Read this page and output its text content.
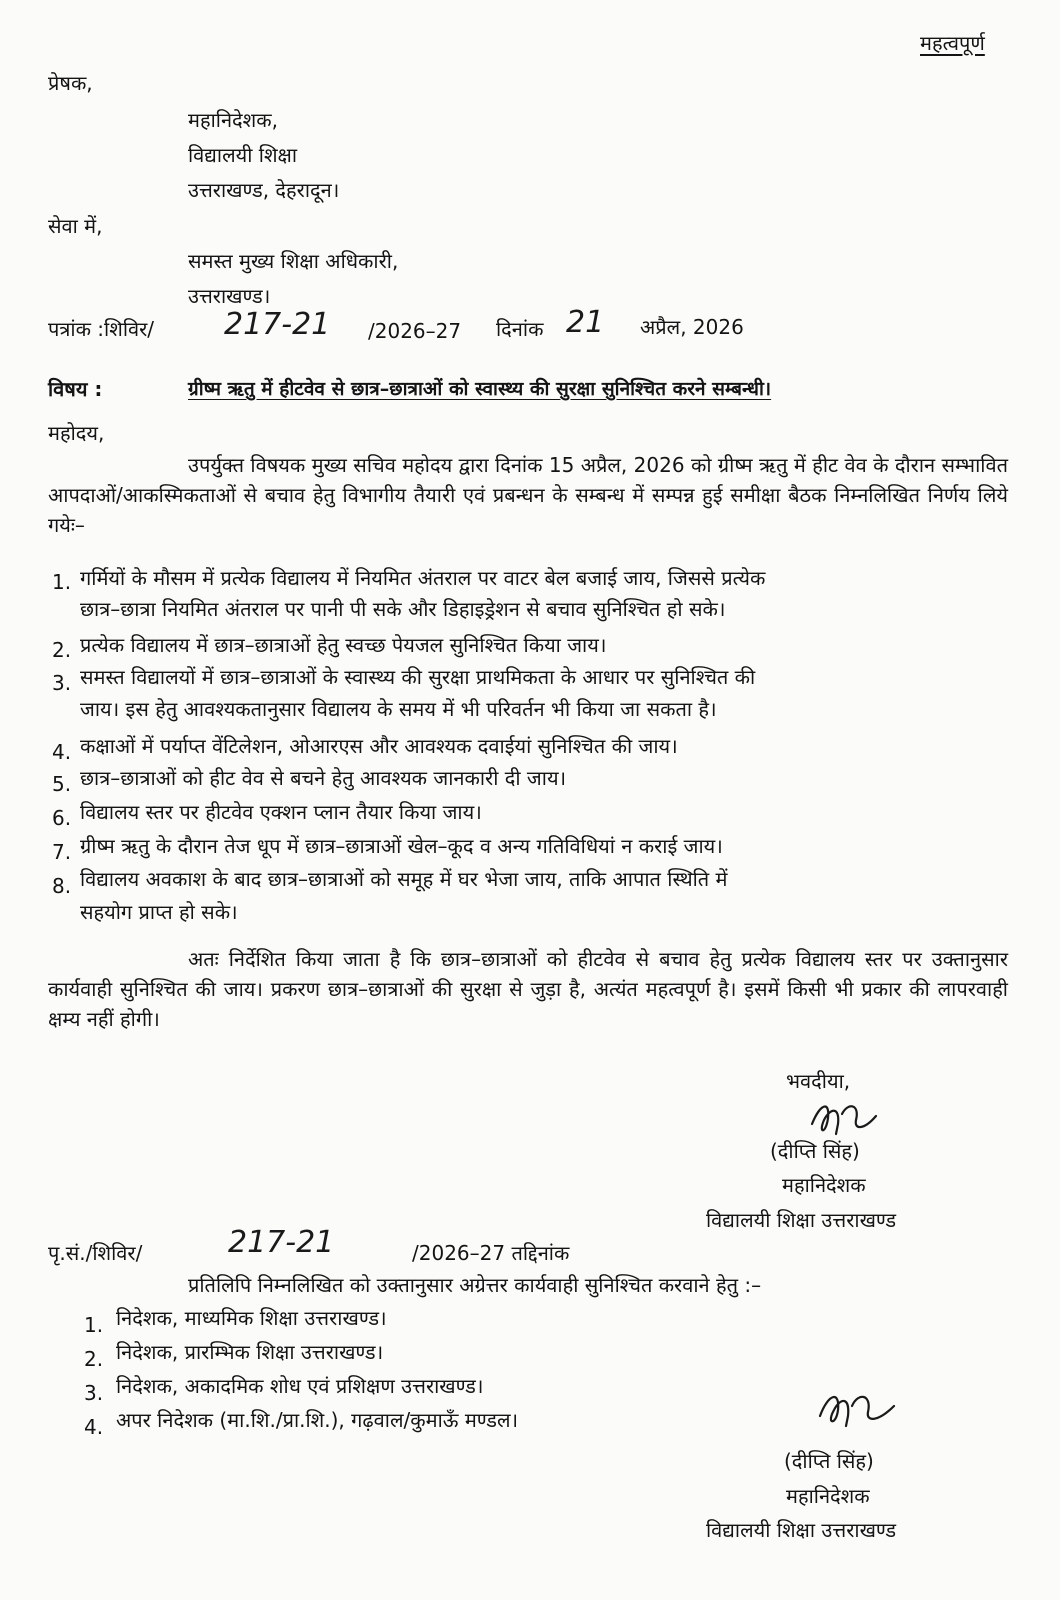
महत्वपूर्ण
प्रेषक,
महानिदेशक,
विद्यालयी शिक्षा
उत्तराखण्ड, देहरादून।
सेवा में,
समस्त मुख्य शिक्षा अधिकारी,
उत्तराखण्ड।
पत्रांक :शिविर/ 217-21 /2026–27 दिनांक 21 अप्रैल, 2026
विषय :	ग्रीष्म ऋतु में हीटवेव से छात्र–छात्राओं को स्वास्थ्य की सुरक्षा सुनिश्चित करने सम्बन्धी।
महोदय,
उपर्युक्त विषयक मुख्य सचिव महोदय द्वारा दिनांक 15 अप्रैल, 2026 को ग्रीष्म ऋतु में हीट वेव के दौरान सम्भावित आपदाओं/आकस्मिकताओं से बचाव हेतु विभागीय तैयारी एवं प्रबन्धन के सम्बन्ध में सम्पन्न हुई समीक्षा बैठक निम्नलिखित निर्णय लिये गयेः–
1. गर्मियों के मौसम में प्रत्येक विद्यालय में नियमित अंतराल पर वाटर बेल बजाई जाय, जिससे प्रत्येक
छात्र–छात्रा नियमित अंतराल पर पानी पी सके और डिहाइड्रेशन से बचाव सुनिश्चित हो सके।
2. प्रत्येक विद्यालय में छात्र–छात्राओं हेतु स्वच्छ पेयजल सुनिश्चित किया जाय।
3. समस्त विद्यालयों में छात्र–छात्राओं के स्वास्थ्य की सुरक्षा प्राथमिकता के आधार पर सुनिश्चित की
जाय। इस हेतु आवश्यकतानुसार विद्यालय के समय में भी परिवर्तन भी किया जा सकता है।
4. कक्षाओं में पर्याप्त वेंटिलेशन, ओआरएस और आवश्यक दवाईयां सुनिश्चित की जाय।
5. छात्र–छात्राओं को हीट वेव से बचने हेतु आवश्यक जानकारी दी जाय।
6. विद्यालय स्तर पर हीटवेव एक्शन प्लान तैयार किया जाय।
7. ग्रीष्म ऋतु के दौरान तेज धूप में छात्र–छात्राओं खेल–कूद व अन्य गतिविधियां न कराई जाय।
8. विद्यालय अवकाश के बाद छात्र–छात्राओं को समूह में घर भेजा जाय, ताकि आपात स्थिति में
सहयोग प्राप्त हो सके।
अतः निर्देशित किया जाता है कि छात्र–छात्राओं को हीटवेव से बचाव हेतु प्रत्येक विद्यालय स्तर पर उक्तानुसार कार्यवाही सुनिश्चित की जाय। प्रकरण छात्र–छात्राओं की सुरक्षा से जुड़ा है, अत्यंत महत्वपूर्ण है। इसमें किसी भी प्रकार की लापरवाही क्षम्य नहीं होगी।
भवदीया,
(दीप्ति सिंह)
महानिदेशक
विद्यालयी शिक्षा उत्तराखण्ड
पृ.सं./शिविर/	217-21	/2026–27 तद्दिनांक
प्रतिलिपि निम्नलिखित को उक्तानुसार अग्रेत्तर कार्यवाही सुनिश्चित करवाने हेतु :–
1. निदेशक, माध्यमिक शिक्षा उत्तराखण्ड।
2. निदेशक, प्रारम्भिक शिक्षा उत्तराखण्ड।
3. निदेशक, अकादमिक शोध एवं प्रशिक्षण उत्तराखण्ड।
4. अपर निदेशक (मा.शि./प्रा.शि.), गढ़वाल/कुमाऊँ मण्डल।
(दीप्ति सिंह)
महानिदेशक
विद्यालयी शिक्षा उत्तराखण्ड
